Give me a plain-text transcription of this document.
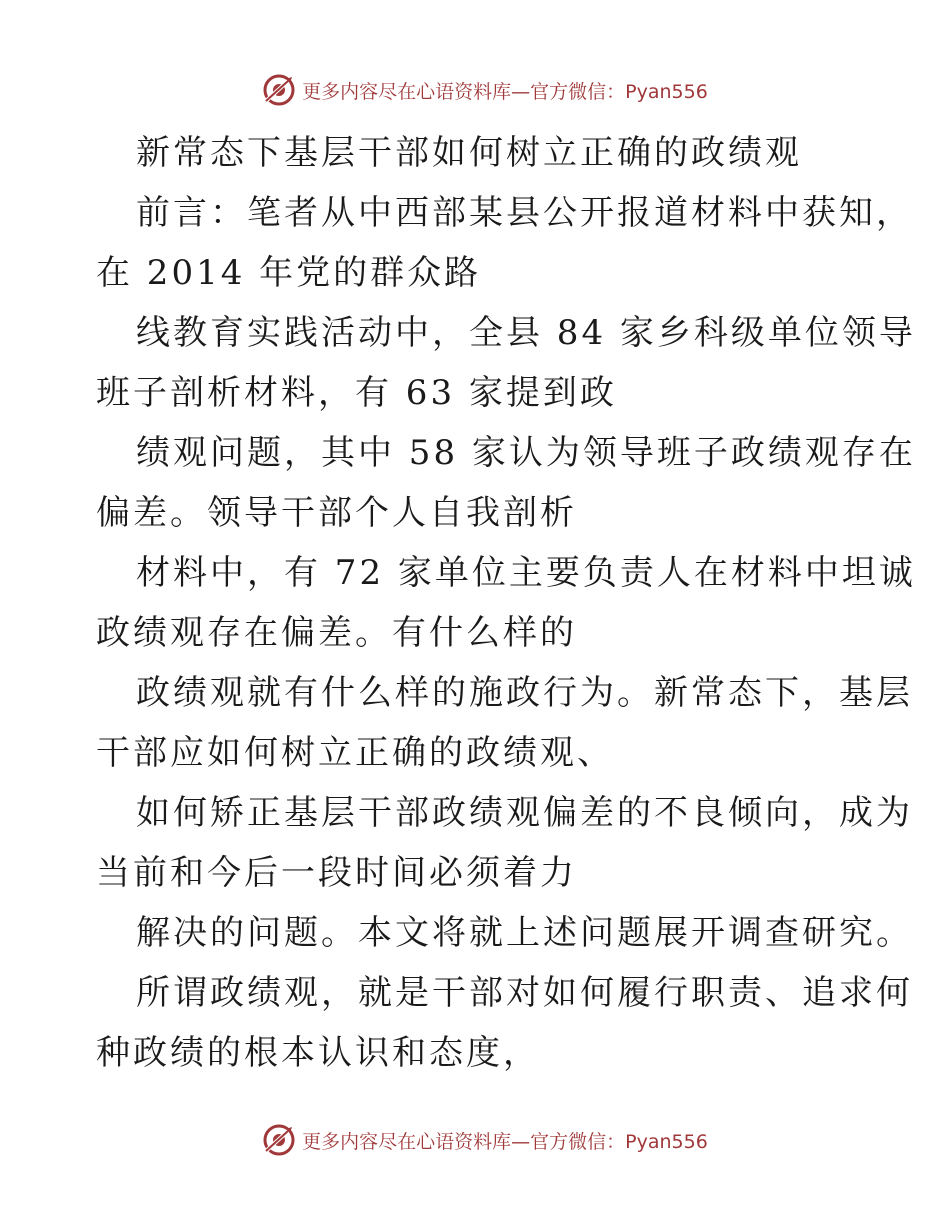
更多内容尽在心语资料库—官方微信：Pyan556
新常态下基层干部如何树立正确的政绩观
前言：笔者从中西部某县公开报道材料中获知，
在 2014 年党的群众路
线教育实践活动中，全县 84 家乡科级单位领导
班子剖析材料，有 63 家提到政
绩观问题，其中 58 家认为领导班子政绩观存在
偏差。领导干部个人自我剖析
材料中，有 72 家单位主要负责人在材料中坦诚
政绩观存在偏差。有什么样的
政绩观就有什么样的施政行为。新常态下，基层
干部应如何树立正确的政绩观、
如何矫正基层干部政绩观偏差的不良倾向，成为
当前和今后一段时间必须着力
解决的问题。本文将就上述问题展开调查研究。
所谓政绩观，就是干部对如何履行职责、追求何
种政绩的根本认识和态度，
更多内容尽在心语资料库—官方微信：Pyan556
